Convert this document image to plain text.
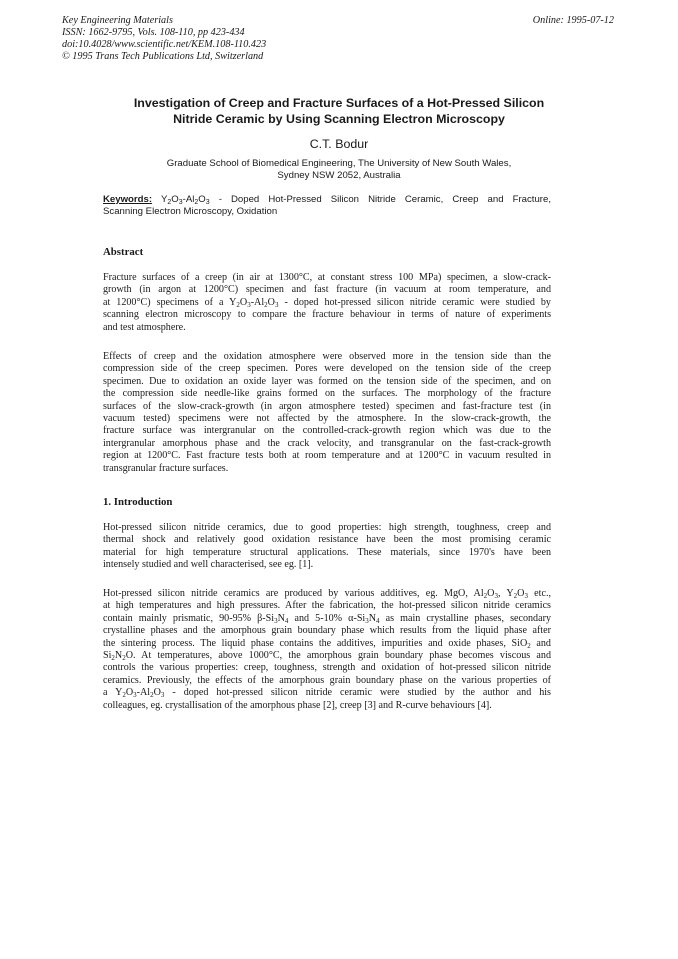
Key Engineering Materials
ISSN: 1662-9795, Vols. 108-110, pp 423-434
doi:10.4028/www.scientific.net/KEM.108-110.423
© 1995 Trans Tech Publications Ltd, Switzerland
Online: 1995-07-12
Investigation of Creep and Fracture Surfaces of a Hot-Pressed Silicon
Nitride Ceramic by Using Scanning Electron Microscopy
C.T. Bodur
Graduate School of Biomedical Engineering, The University of New South Wales,
Sydney NSW 2052, Australia
Keywords: $Y_2O_3-Al_2O_3$ - Doped Hot-Pressed Silicon Nitride Ceramic, Creep and Fracture,
Scanning Electron Microscopy, Oxidation
Abstract
Fracture surfaces of a creep (in air at 1300°C, at constant stress 100 MPa) specimen, a slow-crack-
growth (in argon at 1200°C) specimen and fast fracture (in vacuum at room temperature, and
at 1200°C) specimens of a $Y_2O_3-Al_2O_3$ - doped hot-pressed silicon nitride ceramic were studied by
scanning electron microscopy to compare the fracture behaviour in terms of nature of experiments
and test atmosphere.
Effects of creep and the oxidation atmosphere were observed more in the tension side than the
compression side of the creep specimen. Pores were developed on the tension side of the creep
specimen. Due to oxidation an oxide layer was formed on the tension side of the specimen, and on
the compression side needle-like grains formed on the surfaces. The morphology of the fracture
surfaces of the slow-crack-growth (in argon atmosphere tested) specimen and fast-fracture test (in
vacuum tested) specimens were not affected by the atmosphere. In the slow-crack-growth, the
fracture surface was intergranular on the controlled-crack-growth region which was due to the
intergranular amorphous phase and the crack velocity, and transgranular on the fast-crack-growth
region at 1200°C. Fast fracture tests both at room temperature and at 1200°C in vacuum resulted in
transgranular fracture surfaces.
1. Introduction
Hot-pressed silicon nitride ceramics, due to good properties: high strength, toughness, creep and
thermal shock and relatively good oxidation resistance have been the most promising ceramic
material for high temperature structural applications. These materials, since 1970's have been
intensely studied and well characterised, see eg. [1].
Hot-pressed silicon nitride ceramics are produced by various additives, eg. MgO, $Al_2O_3$, $Y_2O_3$ etc.,
at high temperatures and high pressures. After the fabrication, the hot-pressed silicon nitride ceramics
contain mainly prismatic, 90-95% $\beta-Si_3N_4$ and 5-10% $\alpha-Si_3N_4$ as main crystalline phases, secondary
crystalline phases and the amorphous grain boundary phase which results from the liquid phase after
the sintering process. The liquid phase contains the additives, impurities and oxide phases, SiO$_2$ and
$Si_2N_2O$. At temperatures, above 1000°C, the amorphous grain boundary phase becomes viscous and
controls the various properties: creep, toughness, strength and oxidation of hot-pressed silicon nitride
ceramics. Previously, the effects of the amorphous grain boundary phase on the various properties of
a $Y_2O_3-Al_2O_3$ - doped hot-pressed silicon nitride ceramic were studied by the author and his
colleagues, eg. crystallisation of the amorphous phase [2], creep [3] and R-curve behaviours [4].
